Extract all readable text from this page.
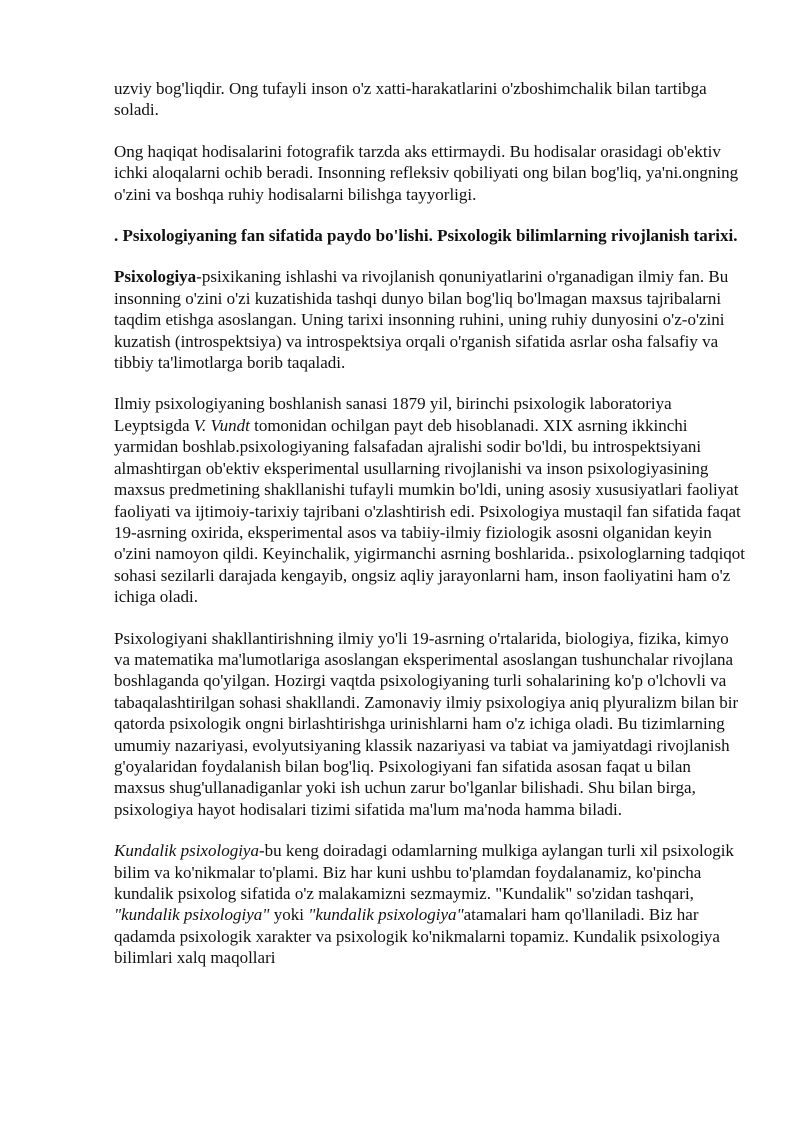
uzviy bog'liqdir. Ong tufayli inson o'z xatti-harakatlarini o'zboshimchalik bilan tartibga soladi.

Ong haqiqat hodisalarini fotografik tarzda aks ettirmaydi. Bu hodisalar orasidagi ob'ektiv ichki aloqalarni ochib beradi. Insonning refleksiv qobiliyati ong bilan bog'liq, ya'ni.ongning o'zini va boshqa ruhiy hodisalarni bilishga tayyorligi.

. Psixologiyaning fan sifatida paydo bo'lishi. Psixologik bilimlarning rivojlanish tarixi.

Psixologiya-psixikaning ishlashi va rivojlanish qonuniyatlarini o'rganadigan ilmiy fan. Bu insonning o'zini o'zi kuzatishida tashqi dunyo bilan bog'liq bo'lmagan maxsus tajribalarni taqdim etishga asoslangan. Uning tarixi insonning ruhini, uning ruhiy dunyosini o'z-o'zini kuzatish (introspektsiya) va introspektsiya orqali o'rganish sifatida asrlar osha falsafiy va tibbiy ta'limotlarga borib taqaladi.

Ilmiy psixologiyaning boshlanish sanasi 1879 yil, birinchi psixologik laboratoriya Leyptsigda V. Vundt tomonidan ochilgan payt deb hisoblanadi. XIX asrning ikkinchi yarmidan boshlab.psixologiyaning falsafadan ajralishi sodir bo'ldi, bu introspektsiyani almashtirgan ob'ektiv eksperimental usullarning rivojlanishi va inson psixologiyasining maxsus predmetining shakllanishi tufayli mumkin bo'ldi, uning asosiy xususiyatlari faoliyat faoliyati va ijtimoiy-tarixiy tajribani o'zlashtirish edi. Psixologiya mustaqil fan sifatida faqat 19-asrning oxirida, eksperimental asos va tabiiy-ilmiy fiziologik asosni olganidan keyin o'zini namoyon qildi. Keyinchalik, yigirmanchi asrning boshlarida.. psixologlarning tadqiqot sohasi sezilarli darajada kengayib, ongsiz aqliy jarayonlarni ham, inson faoliyatini ham o'z ichiga oladi.

Psixologiyani shakllantirishning ilmiy yo'li 19-asrning o'rtalarida, biologiya, fizika, kimyo va matematika ma'lumotlariga asoslangan eksperimental asoslangan tushunchalar rivojlana boshlaganda qo'yilgan. Hozirgi vaqtda psixologiyaning turli sohalarining ko'p o'lchovli va tabaqalashtirilgan sohasi shakllandi. Zamonaviy ilmiy psixologiya aniq plyuralizm bilan bir qatorda psixologik ongni birlashtirishga urinishlarni ham o'z ichiga oladi. Bu tizimlarning umumiy nazariyasi, evolyutsiyaning klassik nazariyasi va tabiat va jamiyatdagi rivojlanish g'oyalaridan foydalanish bilan bog'liq. Psixologiyani fan sifatida asosan faqat u bilan maxsus shug'ullanadiganlar yoki ish uchun zarur bo'lganlar bilishadi. Shu bilan birga, psixologiya hayot hodisalari tizimi sifatida ma'lum ma'noda hamma biladi.

Kundalik psixologiya-bu keng doiradagi odamlarning mulkiga aylangan turli xil psixologik bilim va ko'nikmalar to'plami. Biz har kuni ushbu to'plamdan foydalanamiz, ko'pincha kundalik psixolog sifatida o'z malakamizni sezmaymiz. "Kundalik" so'zidan tashqari, "kundalik psixologiya" yoki "kundalik psixologiya"atamalari ham qo'llaniladi. Biz har qadamda psixologik xarakter va psixologik ko'nikmalarni topamiz. Kundalik psixologiya bilimlari xalq maqollari
